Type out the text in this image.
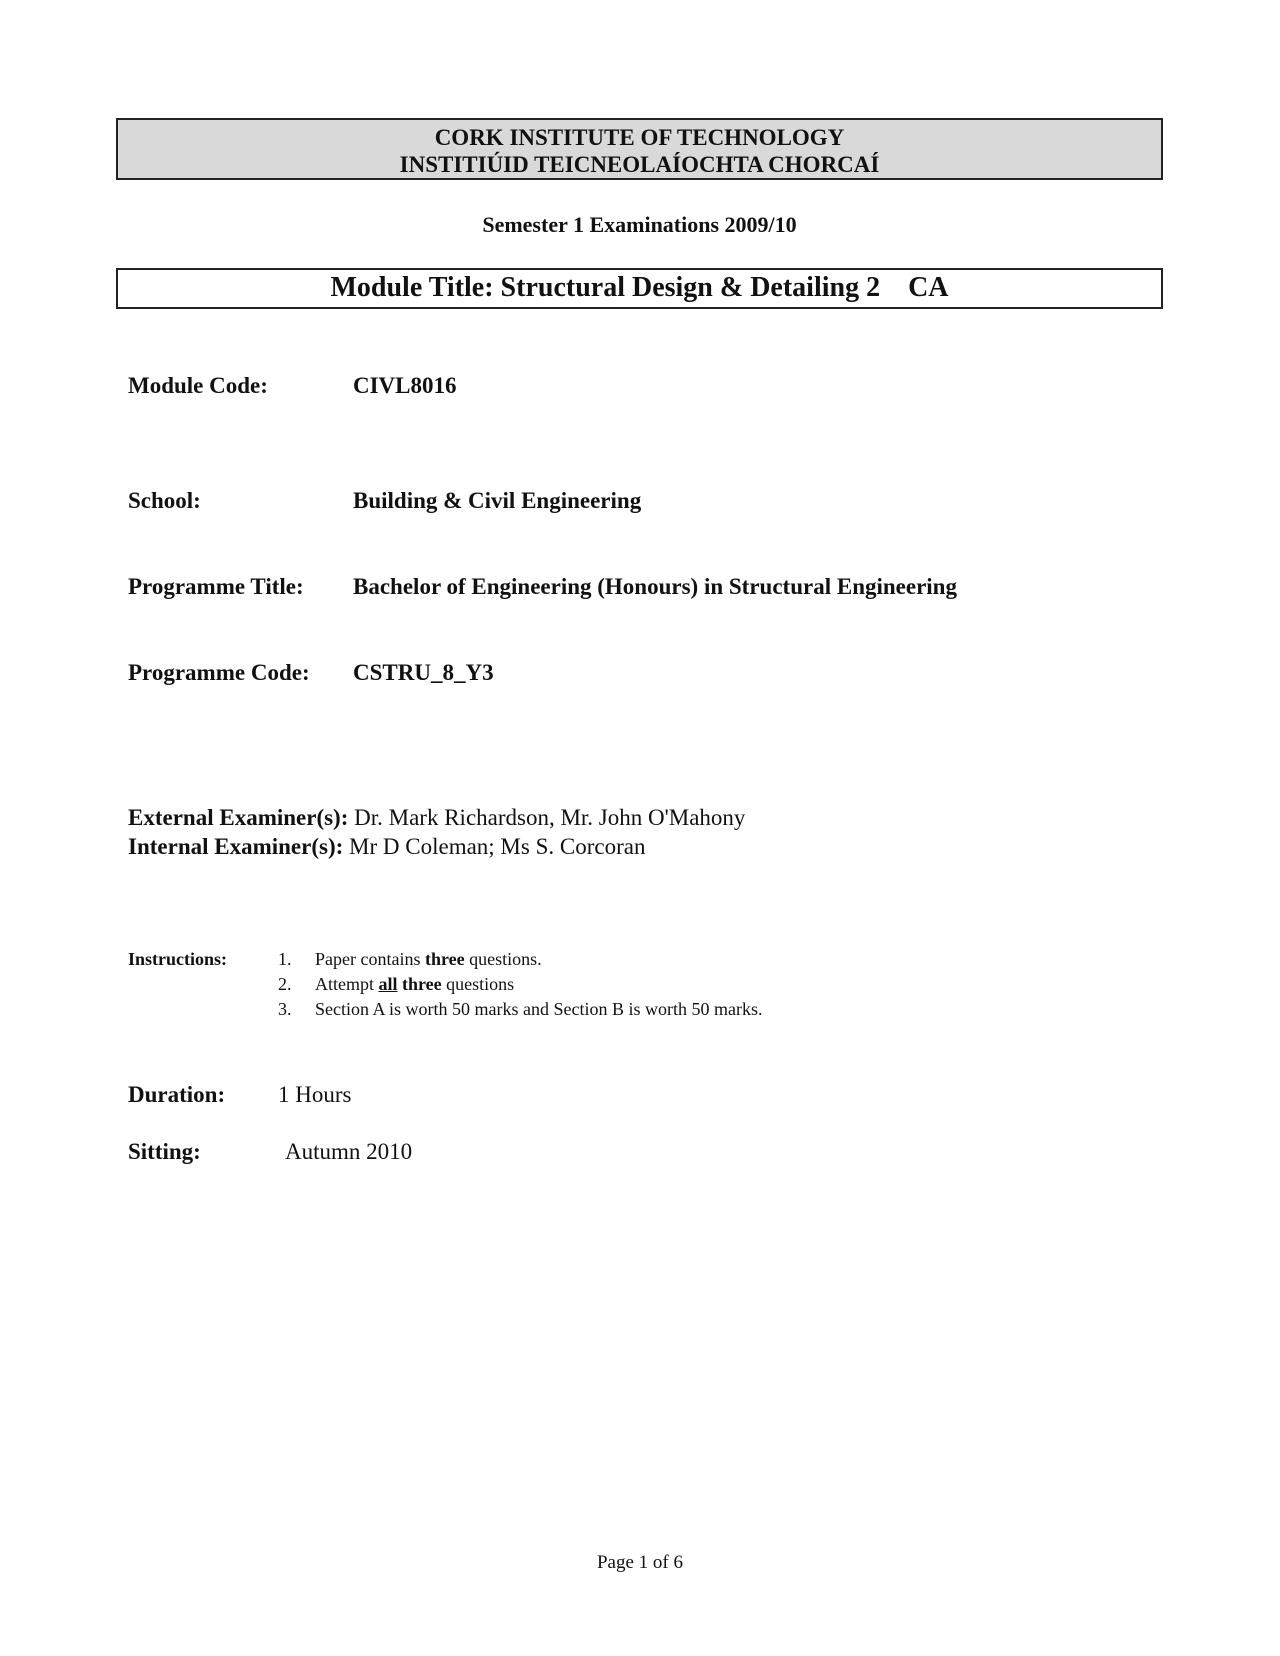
CORK INSTITUTE OF TECHNOLOGY
INSTITIÚID TEICNEOLAÍOCHTA CHORCAÍ
Semester 1 Examinations 2009/10
Module Title: Structural Design & Detailing 2    CA
Module Code:	CIVL8016
School:	Building & Civil Engineering
Programme Title: Bachelor of Engineering (Honours) in Structural Engineering
Programme Code: CSTRU_8_Y3
External Examiner(s): Dr. Mark Richardson, Mr. John O'Mahony
Internal Examiner(s): Mr D Coleman; Ms S. Corcoran
Instructions:	1. Paper contains three questions.
2. Attempt all three questions
3. Section A is worth 50 marks and Section B is worth 50 marks.
Duration: 1 Hours
Sitting:	Autumn 2010
Page 1 of 6
